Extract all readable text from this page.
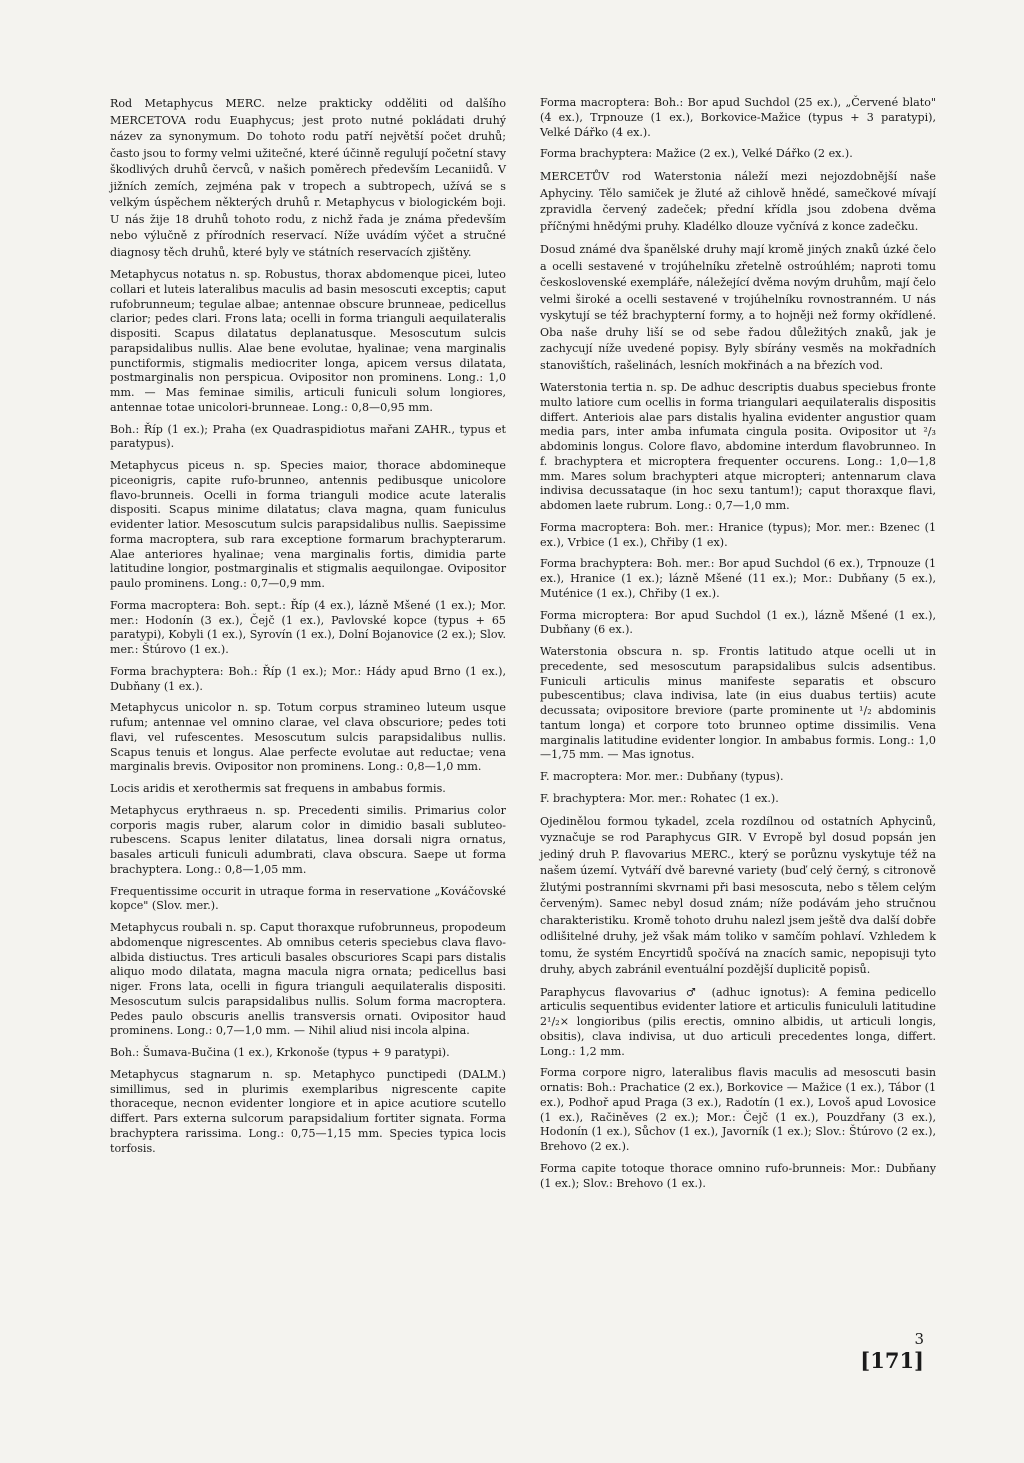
Rod Metaphycus MERC. nelze prakticky odděliti od dalšího MERCETOVA rodu Euaphycus; jest proto nutné pokládati druhý název za synonymum. Do tohoto rodu patří největší počet druhů; často jsou to formy velmi užitečné, které účinně regulují početní stavy škodlivých druhů červců, v našich poměrech především Lecaniidů. V jižních zemích, zejména pak v tropech a subtropech, užívá se s velkým úspěchem některých druhů r. Metaphycus v biologickém boji. U nás žije 18 druhů tohoto rodu, z nichž řada je známa především nebo výlučně z přírodních reservací. Níže uvádím výčet a stručné diagnosy těch druhů, které byly ve státních reservacích zjištěny.

Metaphycus notatus n. sp. Robustus, thorax abdomenque picei, luteo collari et luteis lateralibus maculis ad basin mesoscuti exceptis; caput rufobrunneum; tegulae albae; antennae obscure brunneae, pedicellus clarior; pedes clari. Frons lata; ocelli in forma trianguli aequilateralis dispositi. Scapus dilatatus deplanatusque. Mesoscutum sulcis parapsidalibus nullis. Alae bene evolutae, hyalinae; vena marginalis punctiformis, stigmalis mediocriter longa, apicem versus dilatata, postmarginalis non perspicua. Ovipositor non prominens. Long.: 1,0 mm. — Mas feminae similis, articuli funiculi solum longiores, antennae totae unicolori-brunneae. Long.: 0,8—0,95 mm.

Boh.: Říp (1 ex.); Praha (ex Quadraspidiotus mařani ZAHR., typus et paratypus).

Metaphycus piceus n. sp. Species maior, thorace abdomineque piceonigris, capite rufo-brunneo, antennis pedibusque unicolore flavo-brunneis. Ocelli in forma trianguli modice acute lateralis dispositi. Scapus minime dilatatus; clava magna, quam funiculus evidenter latior. Mesoscutum sulcis parapsidalibus nullis. Saepissime forma macroptera, sub rara exceptione formarum brachypterarum. Alae anteriores hyalinae; vena marginalis fortis, dimidia parte latitudine longior, postmarginalis et stigmalis aequilongae. Ovipositor paulo prominens. Long.: 0,7—0,9 mm.

Forma macroptera: Boh. sept.: Říp (4 ex.), lázně Mšené (1 ex.); Mor. mer.: Hodonín (3 ex.), Čejč (1 ex.), Pavlovské kopce (typus + 65 paratypi), Kobyli (1 ex.), Syrovín (1 ex.), Dolní Bojanovice (2 ex.); Slov. mer.: Štúrovo (1 ex.).

Forma brachyptera: Boh.: Říp (1 ex.); Mor.: Hády apud Brno (1 ex.), Dubňany (1 ex.).

Metaphycus unicolor n. sp. Totum corpus stramineo luteum usque rufum; antennae vel omnino clarae, vel clava obscuriore; pedes toti flavi, vel rufescentes. Mesoscutum sulcis parapsidalibus nullis. Scapus tenuis et longus. Alae perfecte evolutae aut reductae; vena marginalis brevis. Ovipositor non prominens. Long.: 0,8—1,0 mm.

Locis aridis et xerothermis sat frequens in ambabus formis.

Metaphycus erythraeus n. sp. Precedenti similis. Primarius color corporis magis ruber, alarum color in dimidio basali subluteo-rubescens. Scapus leniter dilatatus, linea dorsali nigra ornatus, basales articuli funiculi adumbrati, clava obscura. Saepe ut forma brachyptera. Long.: 0,8—1,05 mm.

Frequentissime occurit in utraque forma in reservatione „Kováčovské kopce" (Slov. mer.).

Metaphycus roubali n. sp. Caput thoraxque rufobrunneus, propodeum abdomenque nigrescentes. Ab omnibus ceteris speciebus clava flavo-albida distiuctus. Tres articuli basales obscuriores Scapi pars distalis aliquo modo dilatata, magna macula nigra ornata; pedicellus basi niger. Frons lata, ocelli in figura trianguli aequilateralis dispositi. Mesoscutum sulcis parapsidalibus nullis. Solum forma macroptera. Pedes paulo obscuris anellis transversis ornati. Ovipositor haud prominens. Long.: 0,7—1,0 mm. — Nihil aliud nisi incola alpina.

Boh.: Šumava-Bučina (1 ex.), Krkonoše (typus + 9 paratypi).

Metaphycus stagnarum n. sp. Metaphyco punctipedi (DALM.) simillimus, sed in plurimis exemplaribus nigrescente capite thoraceque, necnon evidenter longiore et in apice acutiore scutello differt. Pars externa sulcorum parapsidalium fortiter signata. Forma brachyptera rarissima. Long.: 0,75—1,15 mm. Species typica locis torfosis.

Forma macroptera: Boh.: Bor apud Suchdol (25 ex.), „Červené blato" (4 ex.), Trpnouze (1 ex.), Borkovice-Mažice (typus + 3 paratypi), Velké Dářko (4 ex.).

Forma brachyptera: Mažice (2 ex.), Velké Dářko (2 ex.).

MERCETŮV rod Waterstonia náleží mezi nejozdobnější naše Aphyciny. Tělo samiček je žluté až cihlově hnědé, samečkové mívají zpravidla červený zadeček; přední křídla jsou zdobena dvěma příčnými hnědými pruhy. Kladélko dlouze vyčnívá z konce zadečku.

Dosud známé dva španělské druhy mají kromě jiných znaků úzké čelo a ocelli sestavené v trojúhelníku zřetelně ostroúhlém; naproti tomu československé exempláře, náležející dvěma novým druhům, mají čelo velmi široké a ocelli sestavené v trojúhelníku rovnostranném. U nás vyskytují se též brachypterní formy, a to hojněji než formy okřídlené. Oba naše druhy liší se od sebe řadou důležitých znaků, jak je zachycují níže uvedené popisy. Byly sbírány vesměs na mokřadních stanovištích, rašelinách, lesních mokřinách a na březích vod.

Waterstonia tertia n. sp. De adhuc descriptis duabus speciebus fronte multo latiore cum ocellis in forma triangulari aequilateralis dispositis differt. Anteriois alae pars distalis hyalina evidenter angustior quam media pars, inter amba infumata cingula posita. Ovipositor ut ²/₃ abdominis longus. Colore flavo, abdomine interdum flavobrunneo. In f. brachyptera et microptera frequenter occurens. Long.: 1,0—1,8 mm. Mares solum brachypteri atque micropteri; antennarum clava indivisa decussataque (in hoc sexu tantum!); caput thoraxque flavi, abdomen laete rubrum. Long.: 0,7—1,0 mm.

Forma macroptera: Boh. mer.: Hranice (typus); Mor. mer.: Bzenec (1 ex.), Vrbice (1 ex.), Chřiby (1 ex).

Forma brachyptera: Boh. mer.: Bor apud Suchdol (6 ex.), Trpnouze (1 ex.), Hranice (1 ex.); lázně Mšené (11 ex.); Mor.: Dubňany (5 ex.), Muténice (1 ex.), Chřiby (1 ex.).

Forma microptera: Bor apud Suchdol (1 ex.), lázně Mšené (1 ex.), Dubňany (6 ex.).

Waterstonia obscura n. sp. Frontis latitudo atque ocelli ut in precedente, sed mesoscutum parapsidalibus sulcis adsentibus. Funiculi articulis minus manifeste separatis et obscuro pubescentibus; clava indivisa, late (in eius duabus tertiis) acute decussata; ovipositore breviore (parte prominente ut ¹/₂ abdominis tantum longa) et corpore toto brunneo optime dissimilis. Vena marginalis latitudine evidenter longior. In ambabus formis. Long.: 1,0—1,75 mm. — Mas ignotus.

F. macroptera: Mor. mer.: Dubňany (typus).

F. brachyptera: Mor. mer.: Rohatec (1 ex.).

Ojedinělou formou tykadel, zcela rozdílnou od ostatních Aphycinů, vyznačuje se rod Paraphycus GIR. V Evropě byl dosud popsán jen jediný druh P. flavovarius MERC., který se porůznu vyskytuje též na našem území. Vytváří dvě barevné variety (buď celý černý, s citronově žlutými postranními skvrnami při basi mesoscuta, nebo s tělem celým červeným). Samec nebyl dosud znám; níže podávám jeho stručnou charakteristiku. Kromě tohoto druhu nalezl jsem ještě dva další dobře odlišitelné druhy, jež však mám toliko v samčím pohlaví. Vzhledem k tomu, že systém Encyrtidů spočívá na znacích samic, nepopisuji tyto druhy, abych zabránil eventuální pozdější duplicitě popisů.

Paraphycus flavovarius ♂ (adhuc ignotus): A femina pedicello articulis sequentibus evidenter latiore et articulis funicululi latitudine 2¹/₂× longioribus (pilis erectis, omnino albidis, ut articuli longis, obsitis), clava indivisa, ut duo articuli precedentes longa, differt. Long.: 1,2 mm.

Forma corpore nigro, lateralibus flavis maculis ad mesoscuti basin ornatis: Boh.: Prachatice (2 ex.), Borkovice — Mažice (1 ex.), Tábor (1 ex.), Podhoř apud Praga (3 ex.), Radotín (1 ex.), Lovoš apud Lovosice (1 ex.), Račiněves (2 ex.); Mor.: Čejč (1 ex.), Pouzdřany (3 ex.), Hodonín (1 ex.), Sůchov (1 ex.), Javorník (1 ex.); Slov.: Štúrovo (2 ex.), Brehovo (2 ex.).

Forma capite totoque thorace omnino rufo-brunneis: Mor.: Dubňany (1 ex.); Slov.: Brehovo (1 ex.).

3
[171]
